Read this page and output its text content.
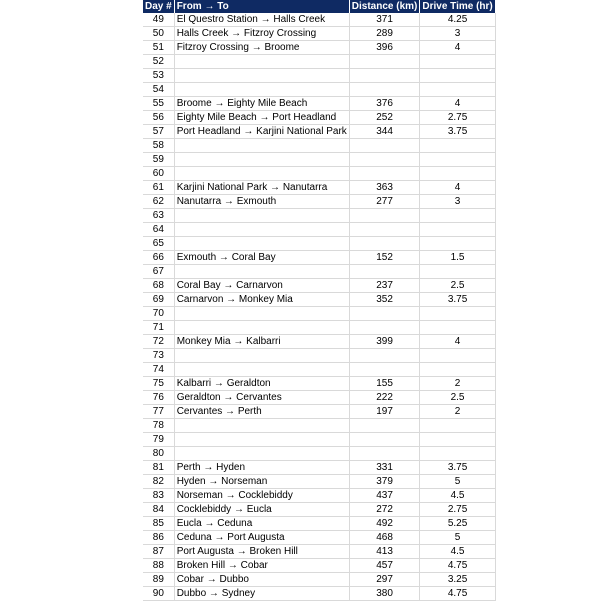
Day #	From → To	Distance (km)	Drive Time (hr)
49	El Questro Station → Halls Creek	371	4.25
50	Halls Creek → Fitzroy Crossing	289	3
51	Fitzroy Crossing → Broome	396	4
52			
53			
54			
55	Broome → Eighty Mile Beach	376	4
56	Eighty Mile Beach → Port Headland	252	2.75
57	Port Headland → Karjini National Park	344	3.75
58			
59			
60			
61	Karjini National Park → Nanutarra	363	4
62	Nanutarra → Exmouth	277	3
63			
64			
65			
66	Exmouth → Coral Bay	152	1.5
67			
68	Coral Bay → Carnarvon	237	2.5
69	Carnarvon → Monkey Mia	352	3.75
70			
71			
72	Monkey Mia → Kalbarri	399	4
73			
74			
75	Kalbarri → Geraldton	155	2
76	Geraldton → Cervantes	222	2.5
77	Cervantes → Perth	197	2
78			
79			
80			
81	Perth → Hyden	331	3.75
82	Hyden → Norseman	379	5
83	Norseman → Cocklebiddy	437	4.5
84	Cocklebiddy → Eucla	272	2.75
85	Eucla → Ceduna	492	5.25
86	Ceduna → Port Augusta	468	5
87	Port Augusta → Broken Hill	413	4.5
88	Broken Hill → Cobar	457	4.75
89	Cobar → Dubbo	297	3.25
90	Dubbo → Sydney	380	4.75
